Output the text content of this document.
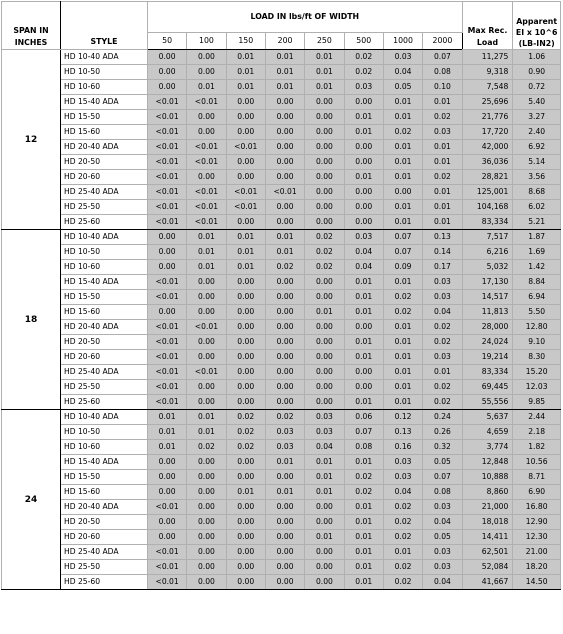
SPAN IN INCHES	STYLE	LOAD IN lbs/ft OF WIDTH								Max Rec. Load	Apparent EI x 10^6 (LB-IN2)
		50	100	150	200	250	500	1000	2000		
12	HD 10-40 ADA	0.00	0.00	0.01	0.01	0.01	0.02	0.03	0.07	11,275	1.06
	HD 10-50	0.00	0.00	0.01	0.01	0.01	0.02	0.04	0.08	9,318	0.90
	HD 10-60	0.00	0.01	0.01	0.01	0.01	0.03	0.05	0.10	7,548	0.72
	HD 15-40 ADA	<0.01	<0.01	0.00	0.00	0.00	0.00	0.01	0.01	25,696	5.40
	HD 15-50	<0.01	0.00	0.00	0.00	0.00	0.01	0.01	0.02	21,776	3.27
	HD 15-60	<0.01	0.00	0.00	0.00	0.00	0.01	0.02	0.03	17,720	2.40
	HD 20-40 ADA	<0.01	<0.01	<0.01	0.00	0.00	0.00	0.01	0.01	42,000	6.92
	HD 20-50	<0.01	<0.01	0.00	0.00	0.00	0.00	0.01	0.01	36,036	5.14
	HD 20-60	<0.01	0.00	0.00	0.00	0.00	0.01	0.01	0.02	28,821	3.56
	HD 25-40 ADA	<0.01	<0.01	<0.01	<0.01	0.00	0.00	0.00	0.01	125,001	8.68
	HD 25-50	<0.01	<0.01	<0.01	0.00	0.00	0.00	0.01	0.01	104,168	6.02
	HD 25-60	<0.01	<0.01	0.00	0.00	0.00	0.00	0.01	0.01	83,334	5.21
18	HD 10-40 ADA	0.00	0.01	0.01	0.01	0.02	0.03	0.07	0.13	7,517	1.87
	HD 10-50	0.00	0.01	0.01	0.01	0.02	0.04	0.07	0.14	6,216	1.69
	HD 10-60	0.00	0.01	0.01	0.02	0.02	0.04	0.09	0.17	5,032	1.42
	HD 15-40 ADA	<0.01	0.00	0.00	0.00	0.00	0.01	0.01	0.03	17,130	8.84
	HD 15-50	<0.01	0.00	0.00	0.00	0.00	0.01	0.02	0.03	14,517	6.94
	HD 15-60	0.00	0.00	0.00	0.00	0.01	0.01	0.02	0.04	11,813	5.50
	HD 20-40 ADA	<0.01	<0.01	0.00	0.00	0.00	0.00	0.01	0.02	28,000	12.80
	HD 20-50	<0.01	0.00	0.00	0.00	0.00	0.01	0.01	0.02	24,024	9.10
	HD 20-60	<0.01	0.00	0.00	0.00	0.00	0.01	0.01	0.03	19,214	8.30
	HD 25-40 ADA	<0.01	<0.01	0.00	0.00	0.00	0.00	0.01	0.01	83,334	15.20
	HD 25-50	<0.01	0.00	0.00	0.00	0.00	0.00	0.01	0.02	69,445	12.03
	HD 25-60	<0.01	0.00	0.00	0.00	0.00	0.01	0.01	0.02	55,556	9.85
24	HD 10-40 ADA	0.01	0.01	0.02	0.02	0.03	0.06	0.12	0.24	5,637	2.44
	HD 10-50	0.01	0.01	0.02	0.03	0.03	0.07	0.13	0.26	4,659	2.18
	HD 10-60	0.01	0.02	0.02	0.03	0.04	0.08	0.16	0.32	3,774	1.82
	HD 15-40 ADA	0.00	0.00	0.00	0.01	0.01	0.01	0.03	0.05	12,848	10.56
	HD 15-50	0.00	0.00	0.00	0.00	0.01	0.02	0.03	0.07	10,888	8.71
	HD 15-60	0.00	0.00	0.01	0.01	0.01	0.02	0.04	0.08	8,860	6.90
	HD 20-40 ADA	<0.01	0.00	0.00	0.00	0.00	0.01	0.02	0.03	21,000	16.80
	HD 20-50	0.00	0.00	0.00	0.00	0.00	0.01	0.02	0.04	18,018	12.90
	HD 20-60	0.00	0.00	0.00	0.00	0.01	0.01	0.02	0.05	14,411	12.30
	HD 25-40 ADA	<0.01	0.00	0.00	0.00	0.00	0.01	0.01	0.03	62,501	21.00
	HD 25-50	<0.01	0.00	0.00	0.00	0.00	0.01	0.02	0.03	52,084	18.20
	HD 25-60	<0.01	0.00	0.00	0.00	0.00	0.01	0.02	0.04	41,667	14.50
